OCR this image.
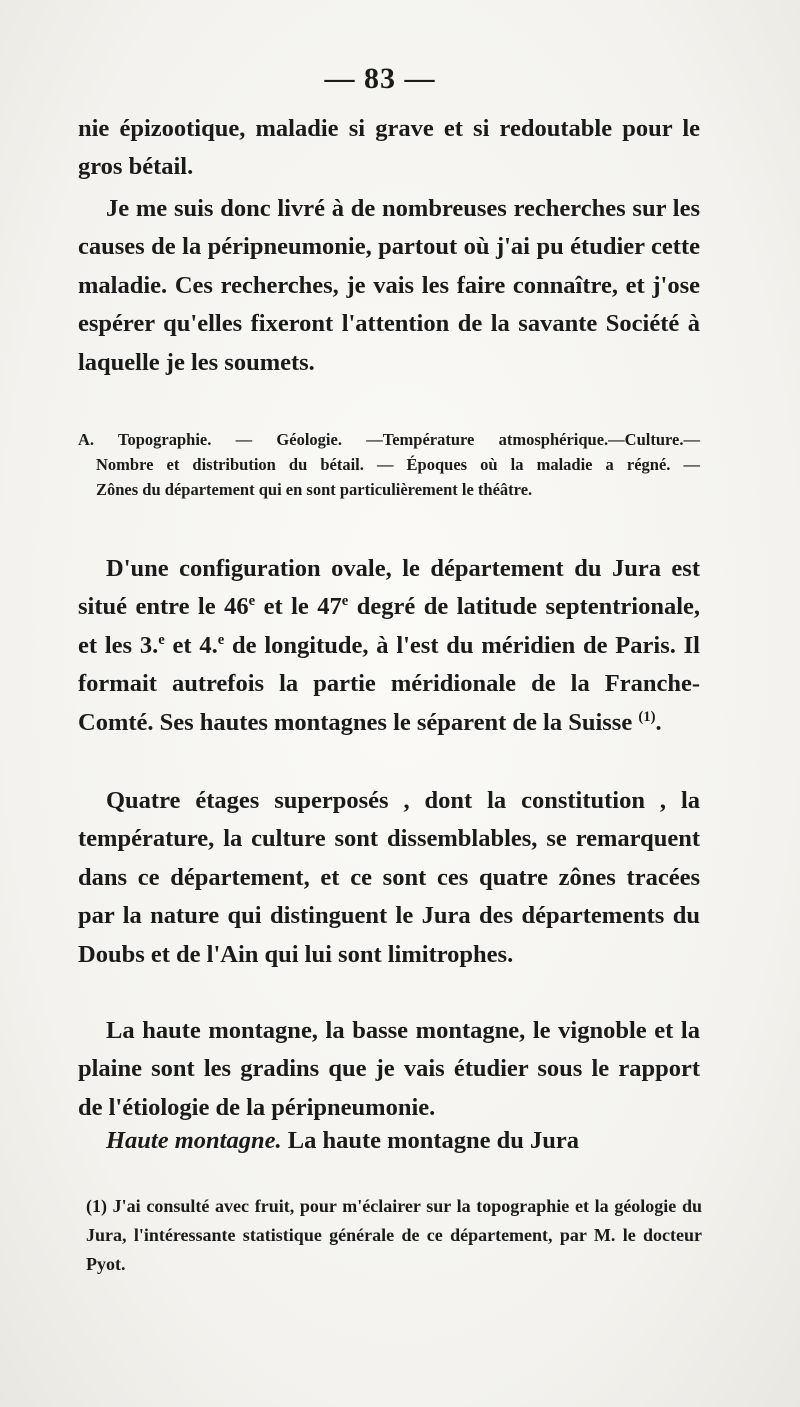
— 83 —

nie épizootique, maladie si grave et si redoutable pour le gros bétail.

Je me suis donc livré à de nombreuses recherches sur les causes de la péripneumonie, partout où j'ai pu étudier cette maladie. Ces recherches, je vais les faire connaître, et j'ose espérer qu'elles fixeront l'attention de la savante Société à laquelle je les soumets.

A. Topographie. — Géologie. —Température atmosphérique.—Culture.—
Nombre et distribution du bétail. — Époques où la maladie a régné. —
Zônes du département qui en sont particulièrement le théâtre.

D'une configuration ovale, le département du Jura est situé entre le 46e et le 47e degré de latitude septentrionale, et les 3.$^e$ et 4.$^e$ de longitude, à l'est du méridien de Paris. Il formait autrefois la partie méridionale de la Franche-Comté. Ses hautes montagnes le séparent de la Suisse $^{(1)}$.

Quatre étages superposés , dont la constitution , la température, la culture sont dissemblables, se remarquent dans ce département, et ce sont ces quatre zônes tracées par la nature qui distinguent le Jura des départements du Doubs et de l'Ain qui lui sont limitrophes.

La haute montagne, la basse montagne, le vignoble et la plaine sont les gradins que je vais étudier sous le rapport de l'étiologie de la péripneumonie.

Haute montagne. La haute montagne du Jura

(1) J'ai consulté avec fruit, pour m'éclairer sur la topographie et la géologie du Jura, l'intéressante statistique générale de ce département, par M. le docteur Pyot.
